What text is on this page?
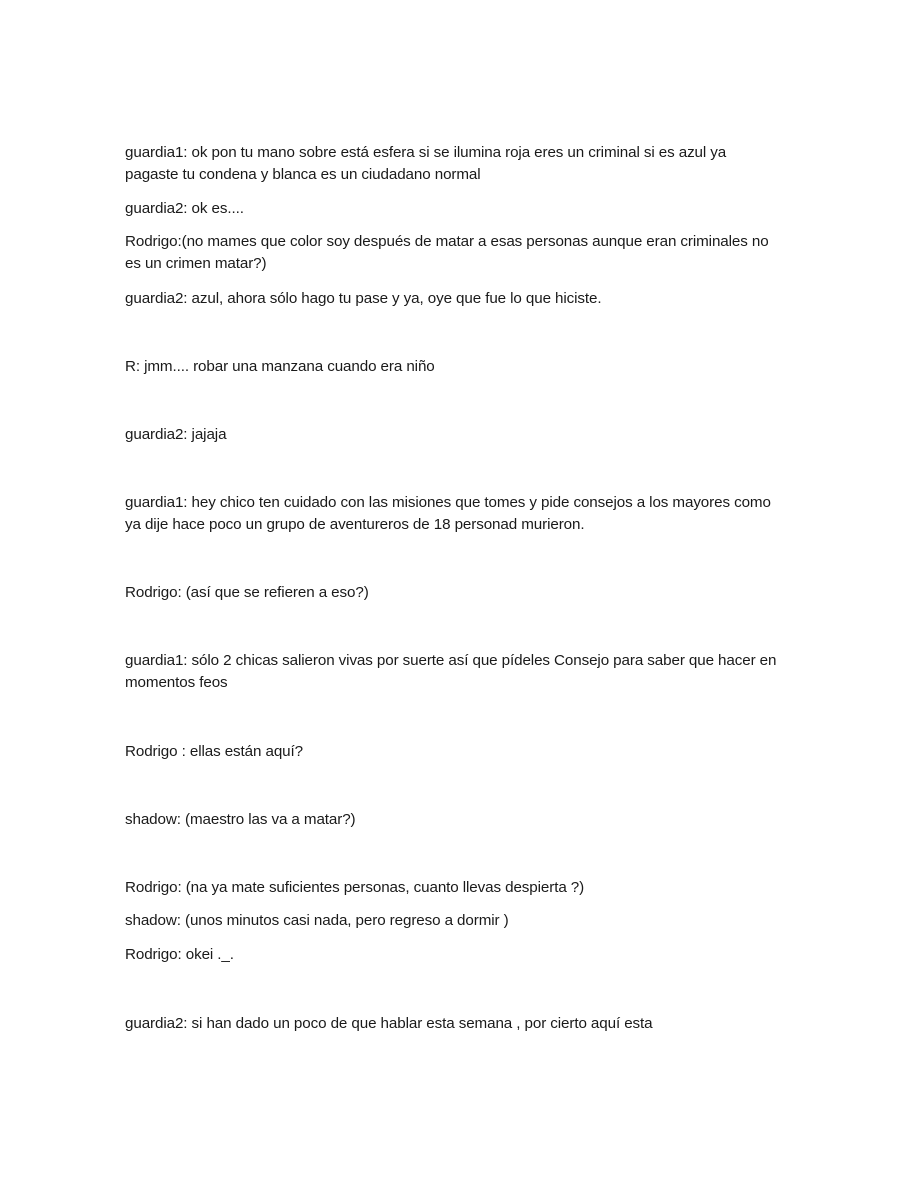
guardia1: ok pon tu mano sobre está esfera si se ilumina roja eres un criminal si es azul ya pagaste tu condena y blanca es un ciudadano normal

guardia2: ok es....

Rodrigo:(no mames que color soy después de matar a esas personas aunque eran criminales no es un crimen matar?)

guardia2: azul, ahora sólo hago tu pase y ya, oye que fue lo que hiciste.

R: jmm.... robar una manzana cuando era niño

guardia2: jajaja

guardia1: hey chico ten cuidado con las misiones que tomes y pide consejos a los mayores como ya dije hace poco un grupo de aventureros de 18 personad murieron.

Rodrigo: (así que se refieren a eso?)

guardia1: sólo 2 chicas salieron vivas por suerte así que pídeles Consejo para saber que hacer en momentos feos

Rodrigo : ellas están aquí?

shadow: (maestro las va a matar?)

Rodrigo: (na ya mate suficientes personas, cuanto llevas despierta ?)

shadow: (unos minutos casi nada, pero regreso a dormir )

Rodrigo: okei ._.

guardia2: si han dado un poco de que hablar esta semana , por cierto aquí esta
